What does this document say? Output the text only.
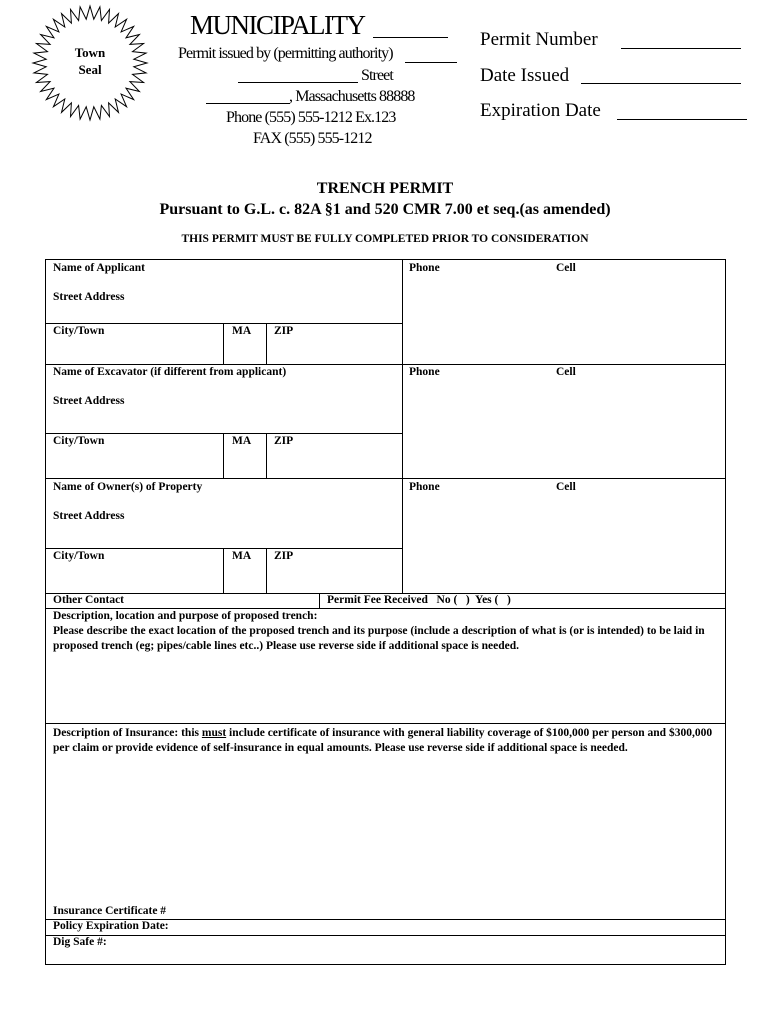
Town
Seal
MUNICIPALITY
Permit issued by (permitting authority)
Street
, Massachusetts 88888
Phone (555) 555-1212 Ex.123
FAX (555) 555-1212
Permit Number
Date Issued
Expiration Date
TRENCH PERMIT
Pursuant to G.L. c. 82A §1 and 520 CMR 7.00 et seq.(as amended)
THIS PERMIT MUST BE FULLY COMPLETED PRIOR TO CONSIDERATION
Name of Applicant	Phone	Cell
Street Address
City/Town	MA ZIP
Name of Excavator (if different from applicant)	Phone	Cell
Street Address
City/Town	MA ZIP
Name of Owner(s) of Property	Phone	Cell
Street Address
City/Town	MA ZIP
Other Contact	Permit Fee Received   No (   )  Yes (   )
Description, location and purpose of proposed trench:
Please describe the exact location of the proposed trench and its purpose (include a description of what is (or is intended) to be laid in proposed trench (eg; pipes/cable lines etc..) Please use reverse side if additional space is needed.
Description of Insurance: this must include certificate of insurance with general liability coverage of $100,000 per person and $300,000 per claim or provide evidence of self-insurance in equal amounts. Please use reverse side if additional space is needed.
Insurance Certificate #
Policy Expiration Date:
Dig Safe #:
